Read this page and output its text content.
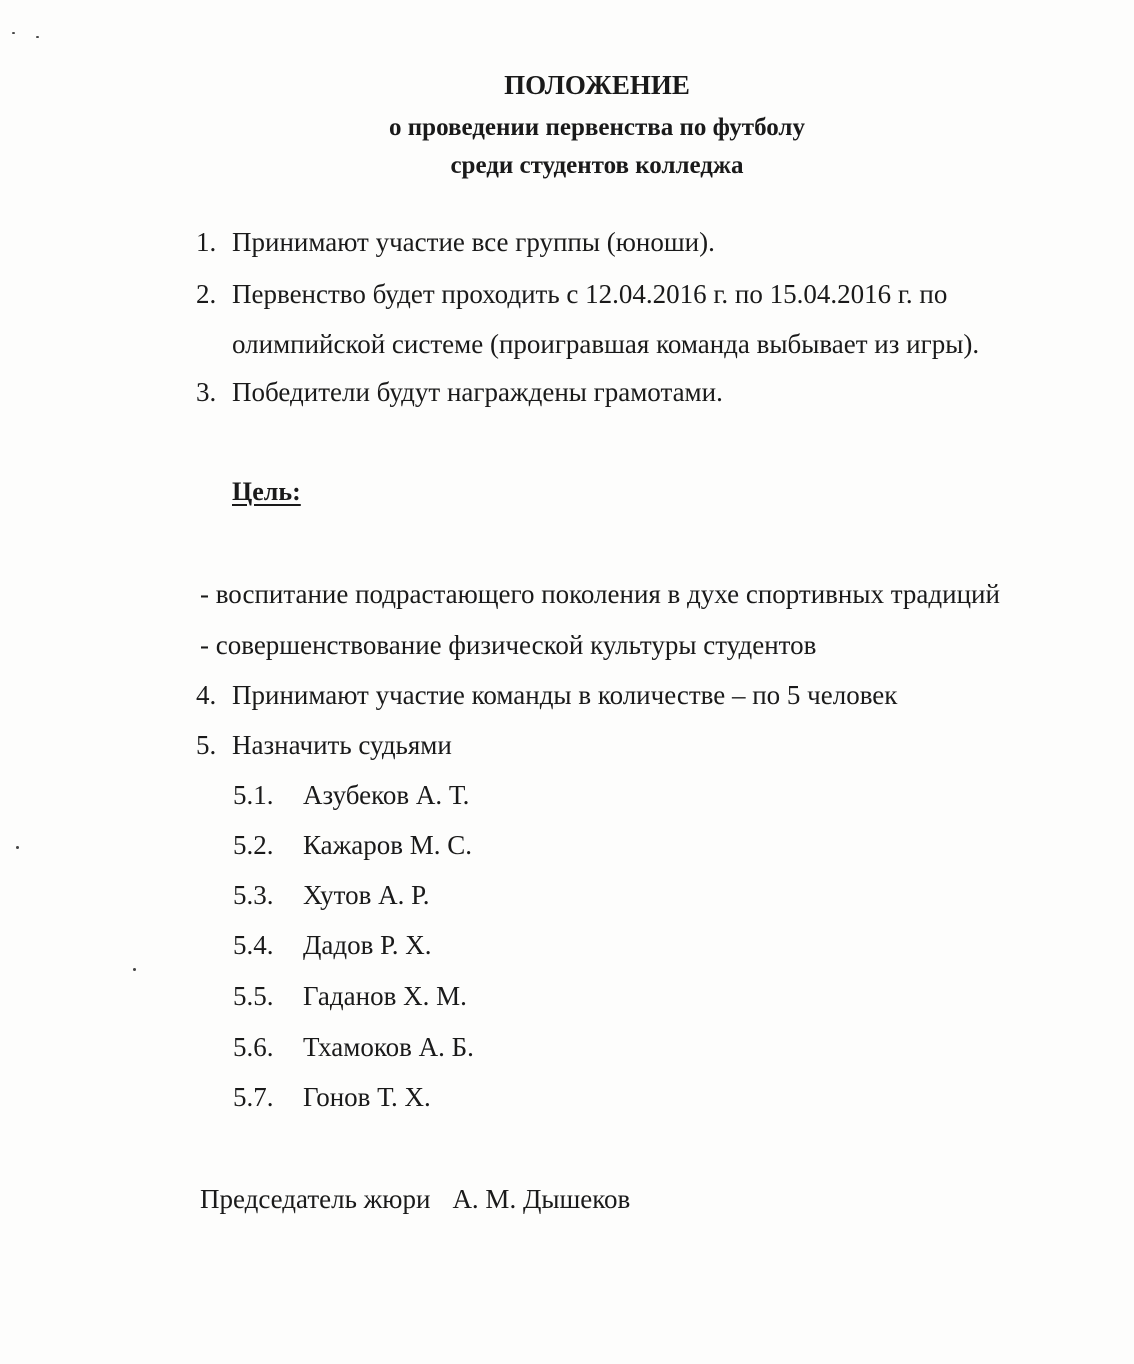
ПОЛОЖЕНИЕ
о проведении первенства по футболу
среди студентов колледжа
1. Принимают участие все группы (юноши).
2. Первенство будет проходить с 12.04.2016 г. по 15.04.2016 г. по
олимпийской системе (проигравшая команда выбывает из игры).
3. Победители будут награждены грамотами.
Цель:
- воспитание подрастающего поколения в духе спортивных традиций
- совершенствование физической культуры студентов
4. Принимают участие команды в количестве – по 5 человек
5. Назначить судьями
5.1. Азубеков А. Т.
5.2. Кажаров М. С.
5.3. Хутов А. Р.
5.4. Дадов Р. Х.
5.5. Гаданов Х. М.
5.6. Тхамоков А. Б.
5.7. Гонов Т. Х.
Председатель жюри А. М. Дышеков
